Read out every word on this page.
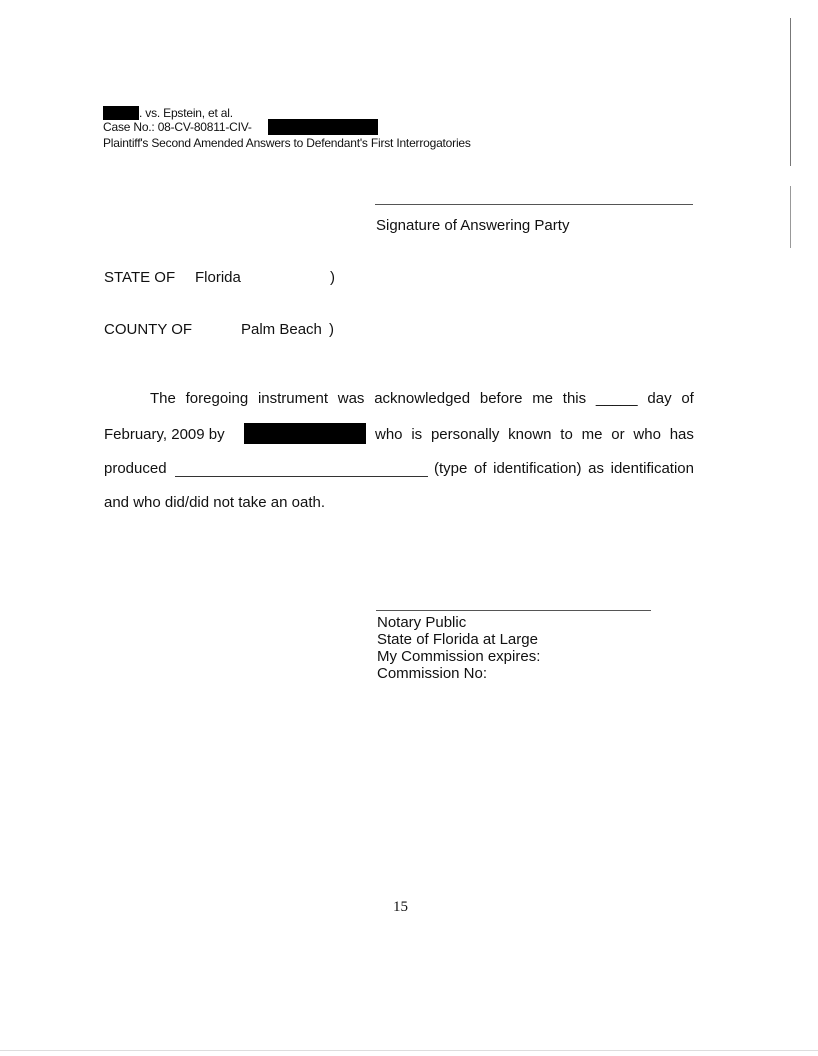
. vs. Epstein, et al.
Case No.: 08-CV-80811-CIV-
Plaintiff's Second Amended Answers to Defendant's First Interrogatories
Signature of Answering Party
STATE OF Florida	)
COUNTY OF	Palm Beach )
The foregoing instrument was acknowledged before me this _____ day of
February, 2009 by	who is personally known to me or who has
produced	(type of identification) as identification
and who did/did not take an oath.
Notary Public
State of Florida at Large
My Commission expires:
Commission No:
15
